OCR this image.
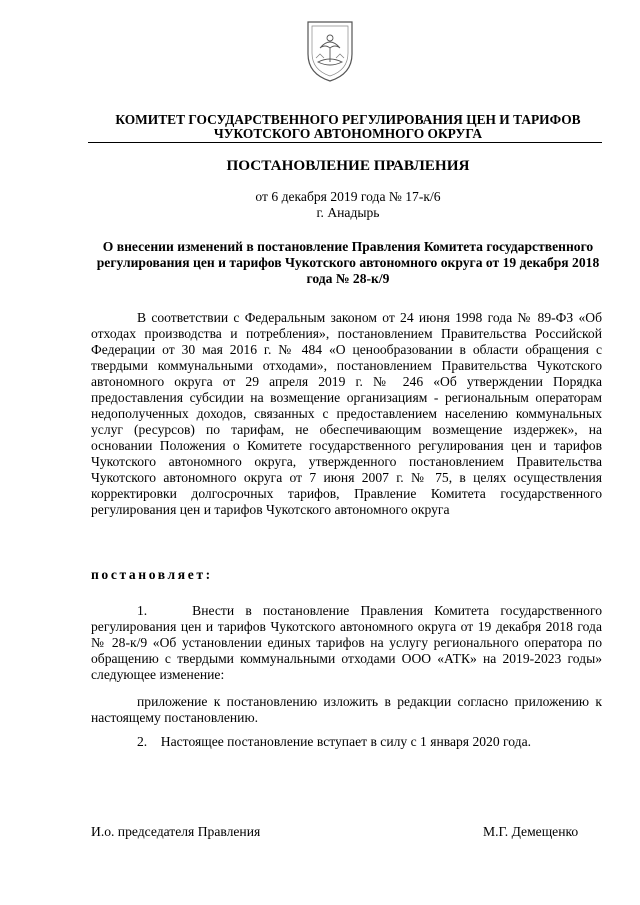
КОМИТЕТ ГОСУДАРСТВЕННОГО РЕГУЛИРОВАНИЯ ЦЕН И ТАРИФОВ
ЧУКОТСКОГО АВТОНОМНОГО ОКРУГА
ПОСТАНОВЛЕНИЕ ПРАВЛЕНИЯ
от 6 декабря 2019 года № 17-к/6
г. Анадырь
О внесении изменений в постановление Правления Комитета государственного регулирования цен и тарифов Чукотского автономного округа от 19 декабря 2018 года № 28-к/9
В соответствии с Федеральным законом от 24 июня 1998 года № 89-ФЗ «Об отходах производства и потребления», постановлением Правительства Российской Федерации от 30 мая 2016 г. № 484 «О ценообразовании в области обращения с твердыми коммунальными отходами», постановлением Правительства Чукотского автономного округа от 29 апреля 2019 г. № 246 «Об утверждении Порядка предоставления субсидии на возмещение организациям - региональным операторам недополученных доходов, связанных с предоставлением населению коммунальных услуг (ресурсов) по тарифам, не обеспечивающим возмещение издержек», на основании Положения о Комитете государственного регулирования цен и тарифов Чукотского автономного округа, утвержденного постановлением Правительства Чукотского автономного округа от 7 июня 2007 г. № 75, в целях осуществления корректировки долгосрочных тарифов, Правление Комитета государственного регулирования цен и тарифов Чукотского автономного округа
постановляет:
1.	Внести в постановление Правления Комитета государственного регулирования цен и тарифов Чукотского автономного округа от 19 декабря 2018 года № 28-к/9 «Об установлении единых тарифов на услугу регионального оператора по обращению с твердыми коммунальными отходами ООО «АТК» на 2019-2023 годы» следующее изменение:
приложение к постановлению изложить в редакции согласно приложению к настоящему постановлению.
2. Настоящее постановление вступает в силу с 1 января 2020 года.
И.о. председателя Правления	М.Г. Демещенко
